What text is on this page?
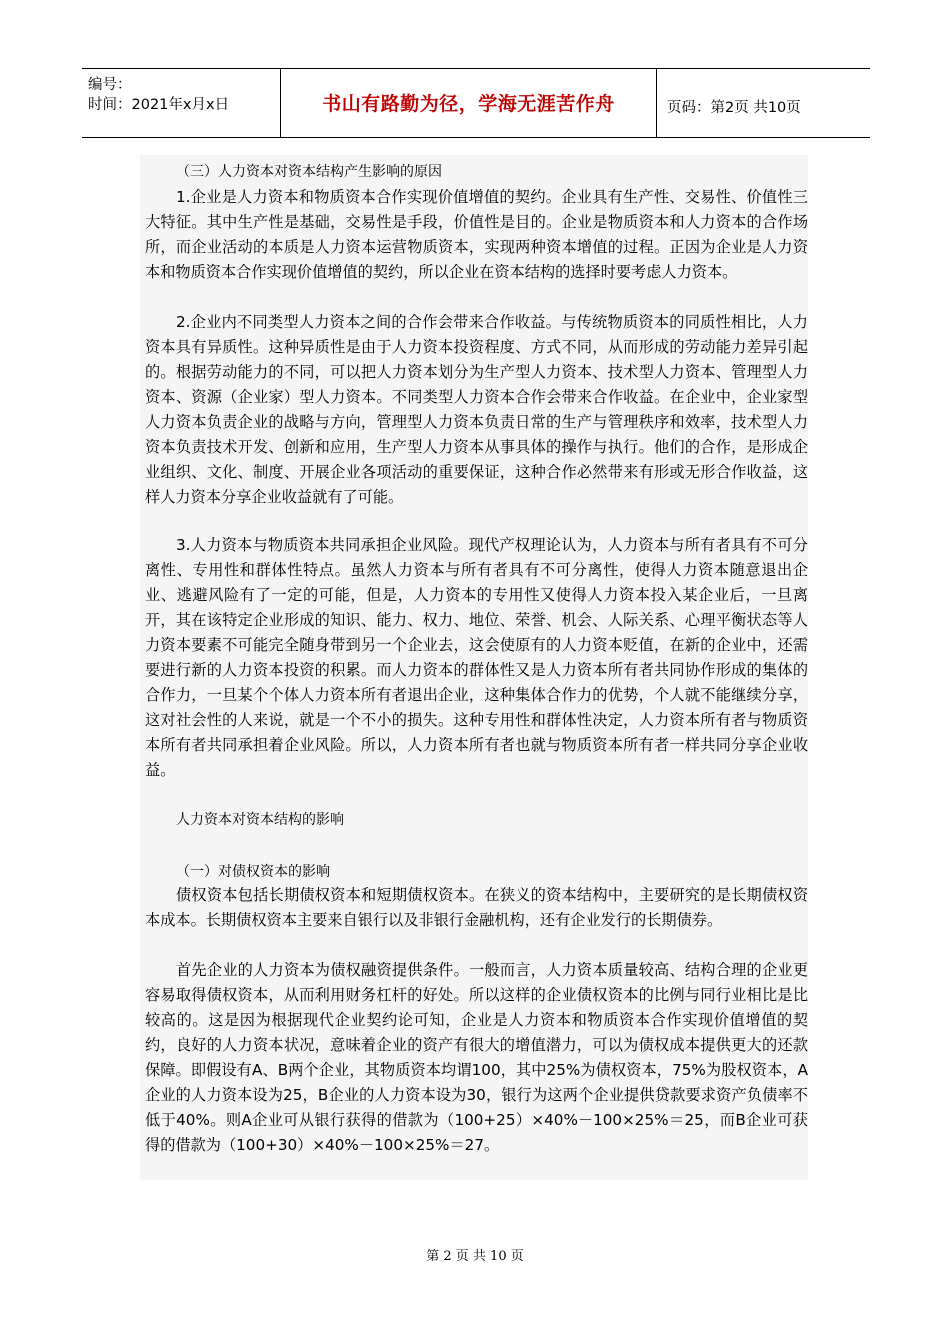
编号：
时间：2021年x月x日	书山有路勤为径，学海无涯苦作舟	页码：第2页 共10页

（三）人力资本对资本结构产生影响的原因

1.企业是人力资本和物质资本合作实现价值增值的契约。企业具有生产性、交易性、价值性三大特征。其中生产性是基础，交易性是手段，价值性是目的。企业是物质资本和人力资本的合作场所，而企业活动的本质是人力资本运营物质资本，实现两种资本增值的过程。正因为企业是人力资本和物质资本合作实现价值增值的契约，所以企业在资本结构的选择时要考虑人力资本。

2.企业内不同类型人力资本之间的合作会带来合作收益。与传统物质资本的同质性相比，人力资本具有异质性。这种异质性是由于人力资本投资程度、方式不同，从而形成的劳动能力差异引起的。根据劳动能力的不同，可以把人力资本划分为生产型人力资本、技术型人力资本、管理型人力资本、资源（企业家）型人力资本。不同类型人力资本合作会带来合作收益。在企业中，企业家型人力资本负责企业的战略与方向，管理型人力资本负责日常的生产与管理秩序和效率，技术型人力资本负责技术开发、创新和应用，生产型人力资本从事具体的操作与执行。他们的合作，是形成企业组织、文化、制度、开展企业各项活动的重要保证，这种合作必然带来有形或无形合作收益，这样人力资本分享企业收益就有了可能。

3.人力资本与物质资本共同承担企业风险。现代产权理论认为，人力资本与所有者具有不可分离性、专用性和群体性特点。虽然人力资本与所有者具有不可分离性，使得人力资本随意退出企业、逃避风险有了一定的可能，但是，人力资本的专用性又使得人力资本投入某企业后，一旦离开，其在该特定企业形成的知识、能力、权力、地位、荣誉、机会、人际关系、心理平衡状态等人力资本要素不可能完全随身带到另一个企业去，这会使原有的人力资本贬值，在新的企业中，还需要进行新的人力资本投资的积累。而人力资本的群体性又是人力资本所有者共同协作形成的集体的合作力，一旦某个个体人力资本所有者退出企业，这种集体合作力的优势，个人就不能继续分享，这对社会性的人来说，就是一个不小的损失。这种专用性和群体性决定，人力资本所有者与物质资本所有者共同承担着企业风险。所以，人力资本所有者也就与物质资本所有者一样共同分享企业收益。

人力资本对资本结构的影响

（一）对债权资本的影响

债权资本包括长期债权资本和短期债权资本。在狭义的资本结构中，主要研究的是长期债权资本成本。长期债权资本主要来自银行以及非银行金融机构，还有企业发行的长期债券。

首先企业的人力资本为债权融资提供条件。一般而言，人力资本质量较高、结构合理的企业更容易取得债权资本，从而利用财务杠杆的好处。所以这样的企业债权资本的比例与同行业相比是比较高的。这是因为根据现代企业契约论可知，企业是人力资本和物质资本合作实现价值增值的契约，良好的人力资本状况，意味着企业的资产有很大的增值潜力，可以为债权成本提供更大的还款保障。即假设有A、B两个企业，其物质资本均谓100，其中25%为债权资本，75%为股权资本，A企业的人力资本设为25，B企业的人力资本设为30，银行为这两个企业提供贷款要求资产负债率不低于40%。则A企业可从银行获得的借款为（100+25）×40%－100×25%＝25，而B企业可获得的借款为（100+30）×40%－100×25%＝27。

第 2 页 共 10 页
